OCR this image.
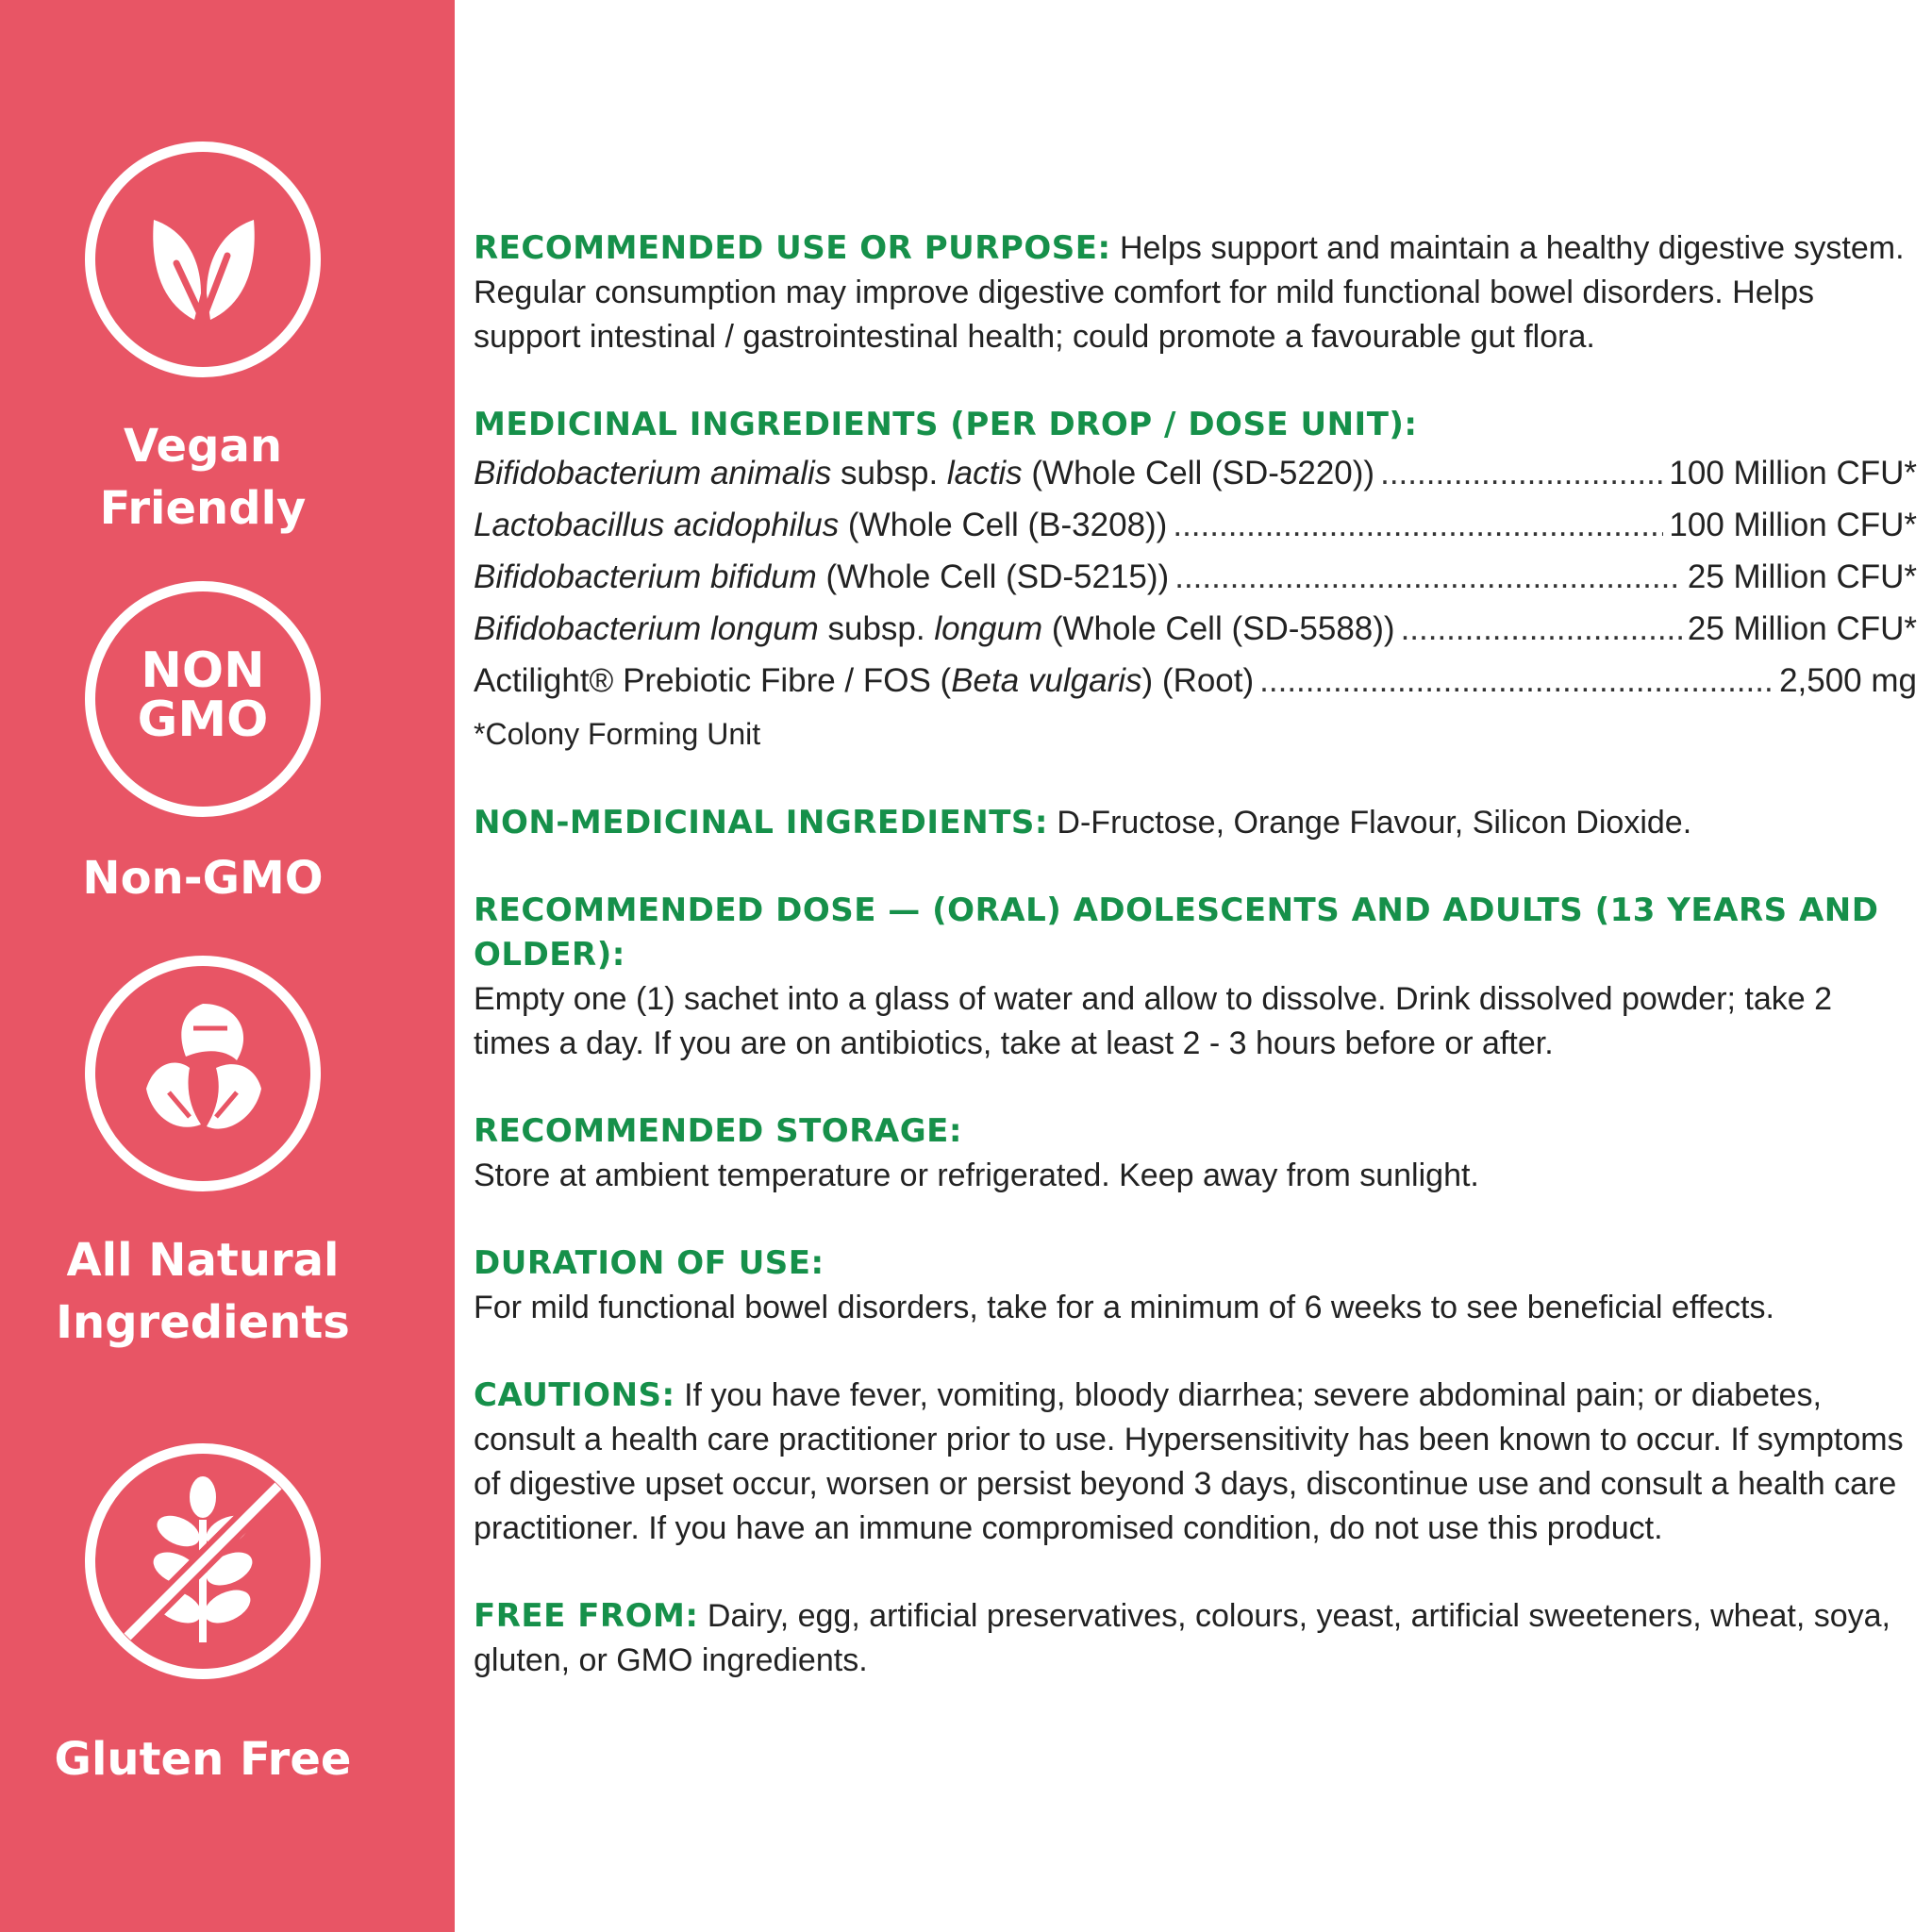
Vegan
Friendly
NON
GMO
Non-GMO
All Natural
Ingredients
Gluten Free
RECOMMENDED USE OR PURPOSE: Helps support and maintain a healthy digestive system. Regular consumption may improve digestive comfort for mild functional bowel disorders. Helps support intestinal / gastrointestinal health; could promote a favourable gut flora.
MEDICINAL INGREDIENTS (PER DROP / DOSE UNIT):
Bifidobacterium animalis subsp. lactis (Whole Cell (SD-5220)) .....	100 Million CFU*
Lactobacillus acidophilus (Whole Cell (B-3208)) .....	100 Million CFU*
Bifidobacterium bifidum (Whole Cell (SD-5215)) .....	25 Million CFU*
Bifidobacterium longum subsp. longum (Whole Cell (SD-5588)) .....	25 Million CFU*
Actilight® Prebiotic Fibre / FOS (Beta vulgaris) (Root) .....	2,500 mg
*Colony Forming Unit
NON-MEDICINAL INGREDIENTS: D-Fructose, Orange Flavour, Silicon Dioxide.
RECOMMENDED DOSE — (ORAL) ADOLESCENTS AND ADULTS (13 YEARS AND OLDER):
Empty one (1) sachet into a glass of water and allow to dissolve. Drink dissolved powder; take 2 times a day. If you are on antibiotics, take at least 2 - 3 hours before or after.
RECOMMENDED STORAGE:
Store at ambient temperature or refrigerated. Keep away from sunlight.
DURATION OF USE:
For mild functional bowel disorders, take for a minimum of 6 weeks to see beneficial effects.
CAUTIONS: If you have fever, vomiting, bloody diarrhea; severe abdominal pain; or diabetes, consult a health care practitioner prior to use. Hypersensitivity has been known to occur. If symptoms of digestive upset occur, worsen or persist beyond 3 days, discontinue use and consult a health care practitioner. If you have an immune compromised condition, do not use this product.
FREE FROM: Dairy, egg, artificial preservatives, colours, yeast, artificial sweeteners, wheat, soya, gluten, or GMO ingredients.
